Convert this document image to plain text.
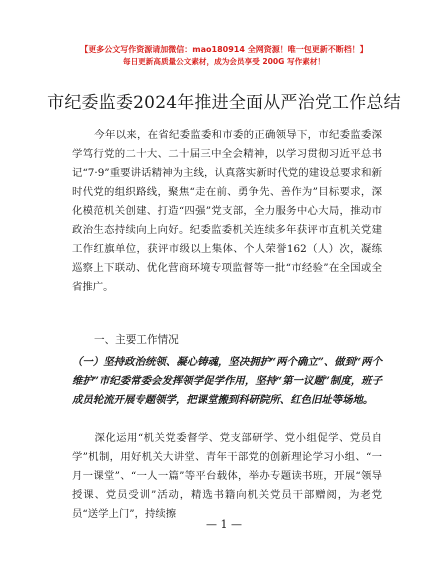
【更多公文写作资源请加微信：mao180914 全网资源！唯一包更新不断档！】
每日更新高质量公文素材，成为会员享受 200G 写作素材！
市纪委监委2024年推进全面从严治党工作总结
今年以来，在省纪委监委和市委的正确领导下，市纪委监委深学笃行党的二十大、二十届三中全会精神，以学习贯彻习近平总书记“7·9”重要讲话精神为主线，认真落实新时代党的建设总要求和新时代党的组织路线，聚焦“走在前、勇争先、善作为”目标要求，深化模范机关创建、打造“四强”党支部，全力服务中心大局，推动市政治生态持续向上向好。纪委监委机关连续多年获评市直机关党建工作红旗单位，获评市级以上集体、个人荣誉162（人）次，凝练巡察上下联动、优化营商环境专项监督等一批“市经验”在全国或全省推广。
一、主要工作情况
（一）坚持政治统领、凝心铸魂，坚决拥护“两个确立”、做到“两个维护”市纪委常委会发挥领学促学作用，坚持“第一议题”制度，班子成员轮流开展专题领学，把课堂搬到科研院所、红色旧址等场地。
深化运用“机关党委督学、党支部研学、党小组促学、党员自学”机制，用好机关大讲堂、青年干部党的创新理论学习小组、“一月一课堂”、“一人一篇”等平台载体，举办专题读书班，开展“领导授课、党员受训”活动，精选书籍向机关党员干部赠阅，为老党员“送学上门”，持续擦
— 1 —
